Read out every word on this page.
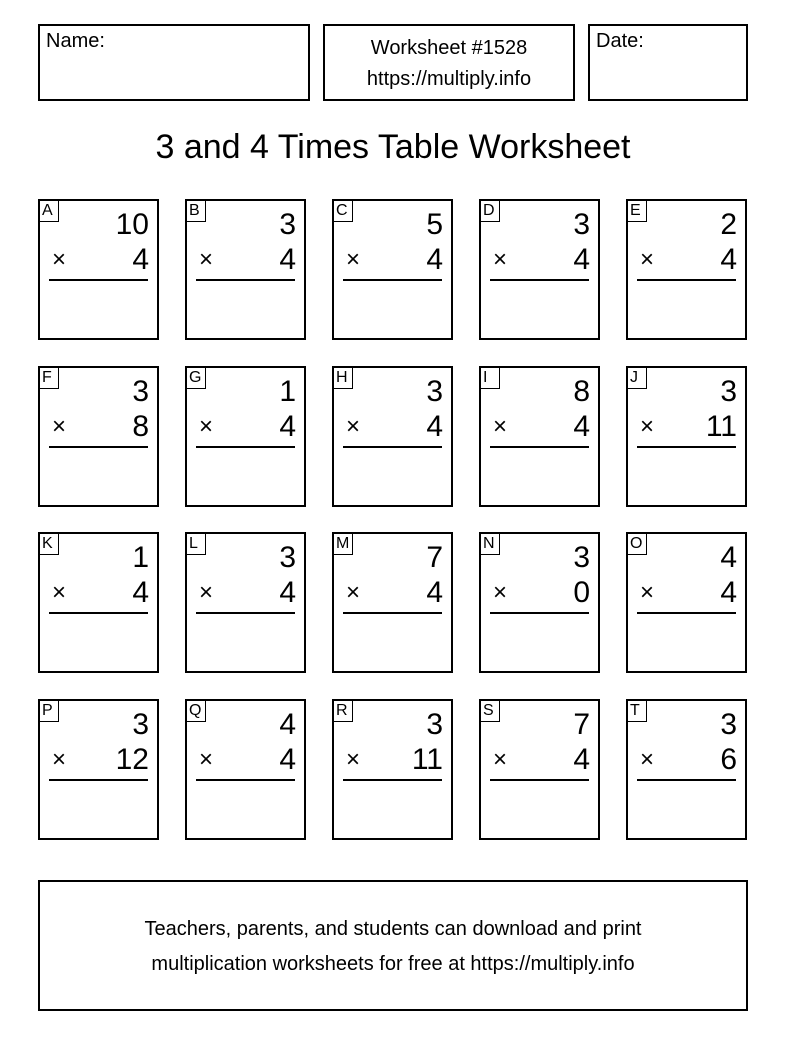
Name:	Worksheet #1528
https://multiply.info
Date:
3 and 4 Times Table Worksheet
A 10
× 4
B	3
× 4
C	5
× 4
D	3
× 4
E	2
× 4
F	3
× 8
G	1
× 4
H	3
× 4
I	8
× 4
J	3
× 11
K	1
× 4
L	3
× 4
M	7
× 4
N	3
× 0
O	4
× 4
P	3
× 12
Q	4
× 4
R	3
× 11
S	7
× 4
T	3
× 6
Teachers, parents, and students can download and print
multiplication worksheets for free at https://multiply.info
